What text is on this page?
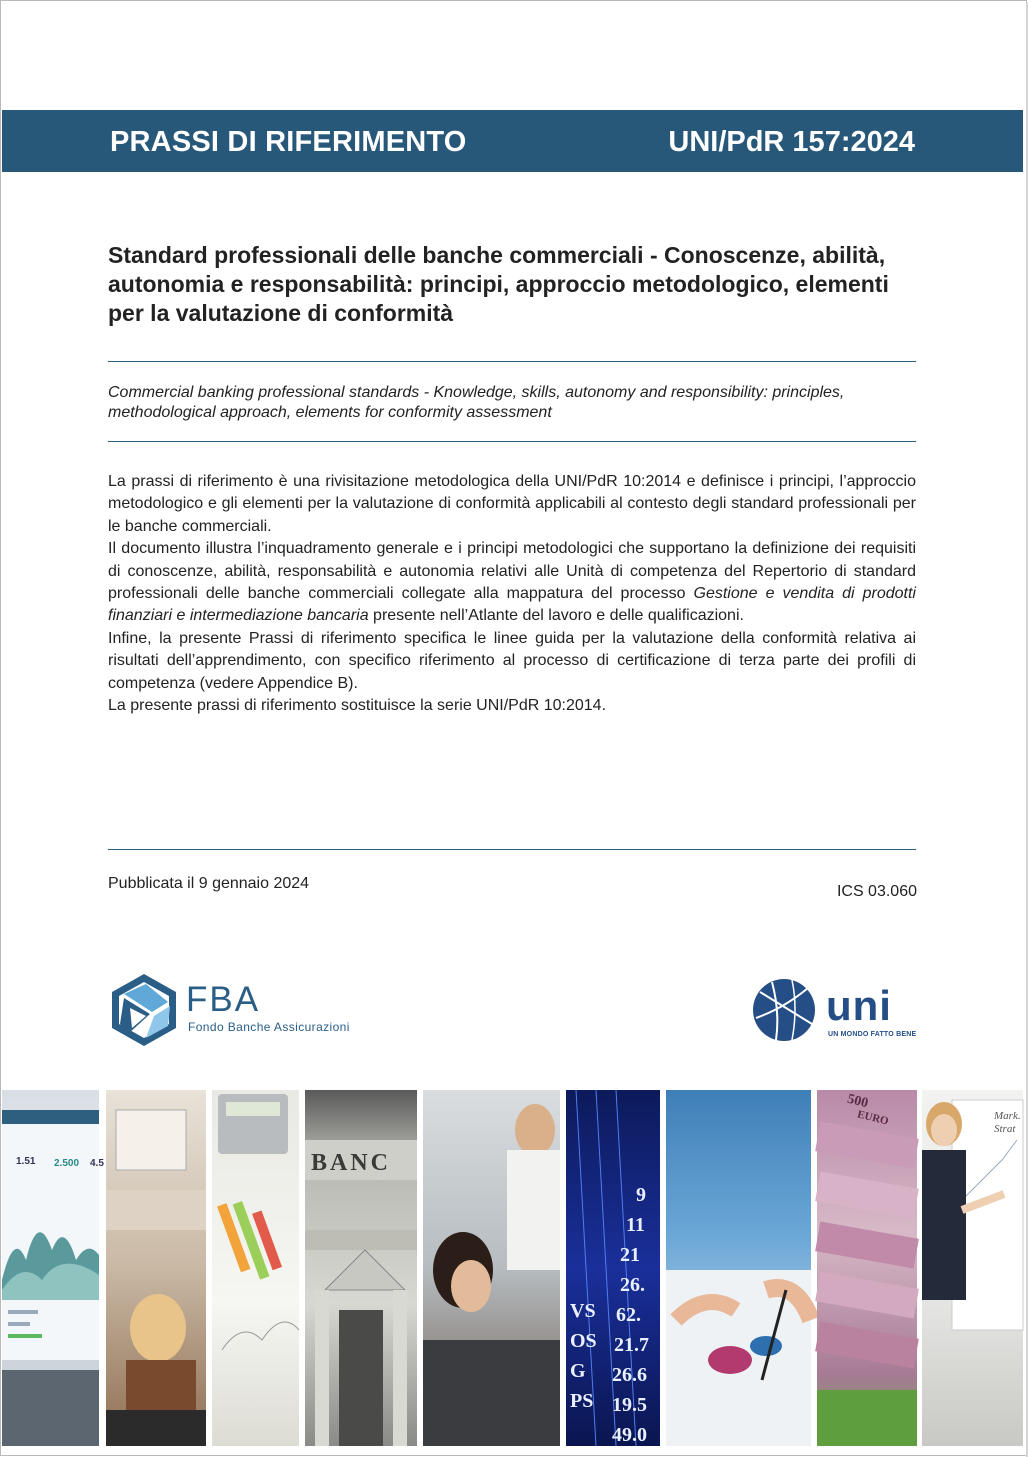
PRASSI DI RIFERIMENTO	UNI/PdR 157:2024
Standard professionali delle banche commerciali - Conoscenze, abilità, autonomia e responsabilità: principi, approccio metodologico, elementi per la valutazione di conformità
Commercial banking professional standards - Knowledge, skills, autonomy and responsibility: principles, methodological approach, elements for conformity assessment

La prassi di riferimento è una rivisitazione metodologica della UNI/PdR 10:2014 e definisce i principi, l’approccio metodologico e gli elementi per la valutazione di conformità applicabili al contesto degli standard professionali per le banche commerciali.

Il documento illustra l’inquadramento generale e i principi metodologici che supportano la definizione dei requisiti di conoscenze, abilità, responsabilità e autonomia relativi alle Unità di competenza del Repertorio di standard professionali delle banche commerciali collegate alla mappatura del processo Gestione e vendita di prodotti finanziari e intermediazione bancaria presente nell’Atlante del lavoro e delle qualificazioni.

Infine, la presente Prassi di riferimento specifica le linee guida per la valutazione della conformità relativa ai risultati dell’apprendimento, con specifico riferimento al processo di certificazione di terza parte dei profili di competenza (vedere Appendice B).

La presente prassi di riferimento sostituisce la serie UNI/PdR 10:2014.

Pubblicata il 9 gennaio 2024	ICS 03.060
FBA
Fondo Banche Assicurazioni	uni
UN MONDO FATTO BENE
1.51 2.500 4.5	BANC
9
11
21
26.
62.
21.7
26.6
19.5
49.0
VS
OS
G
PS
500
EURO	Mark. Strat
